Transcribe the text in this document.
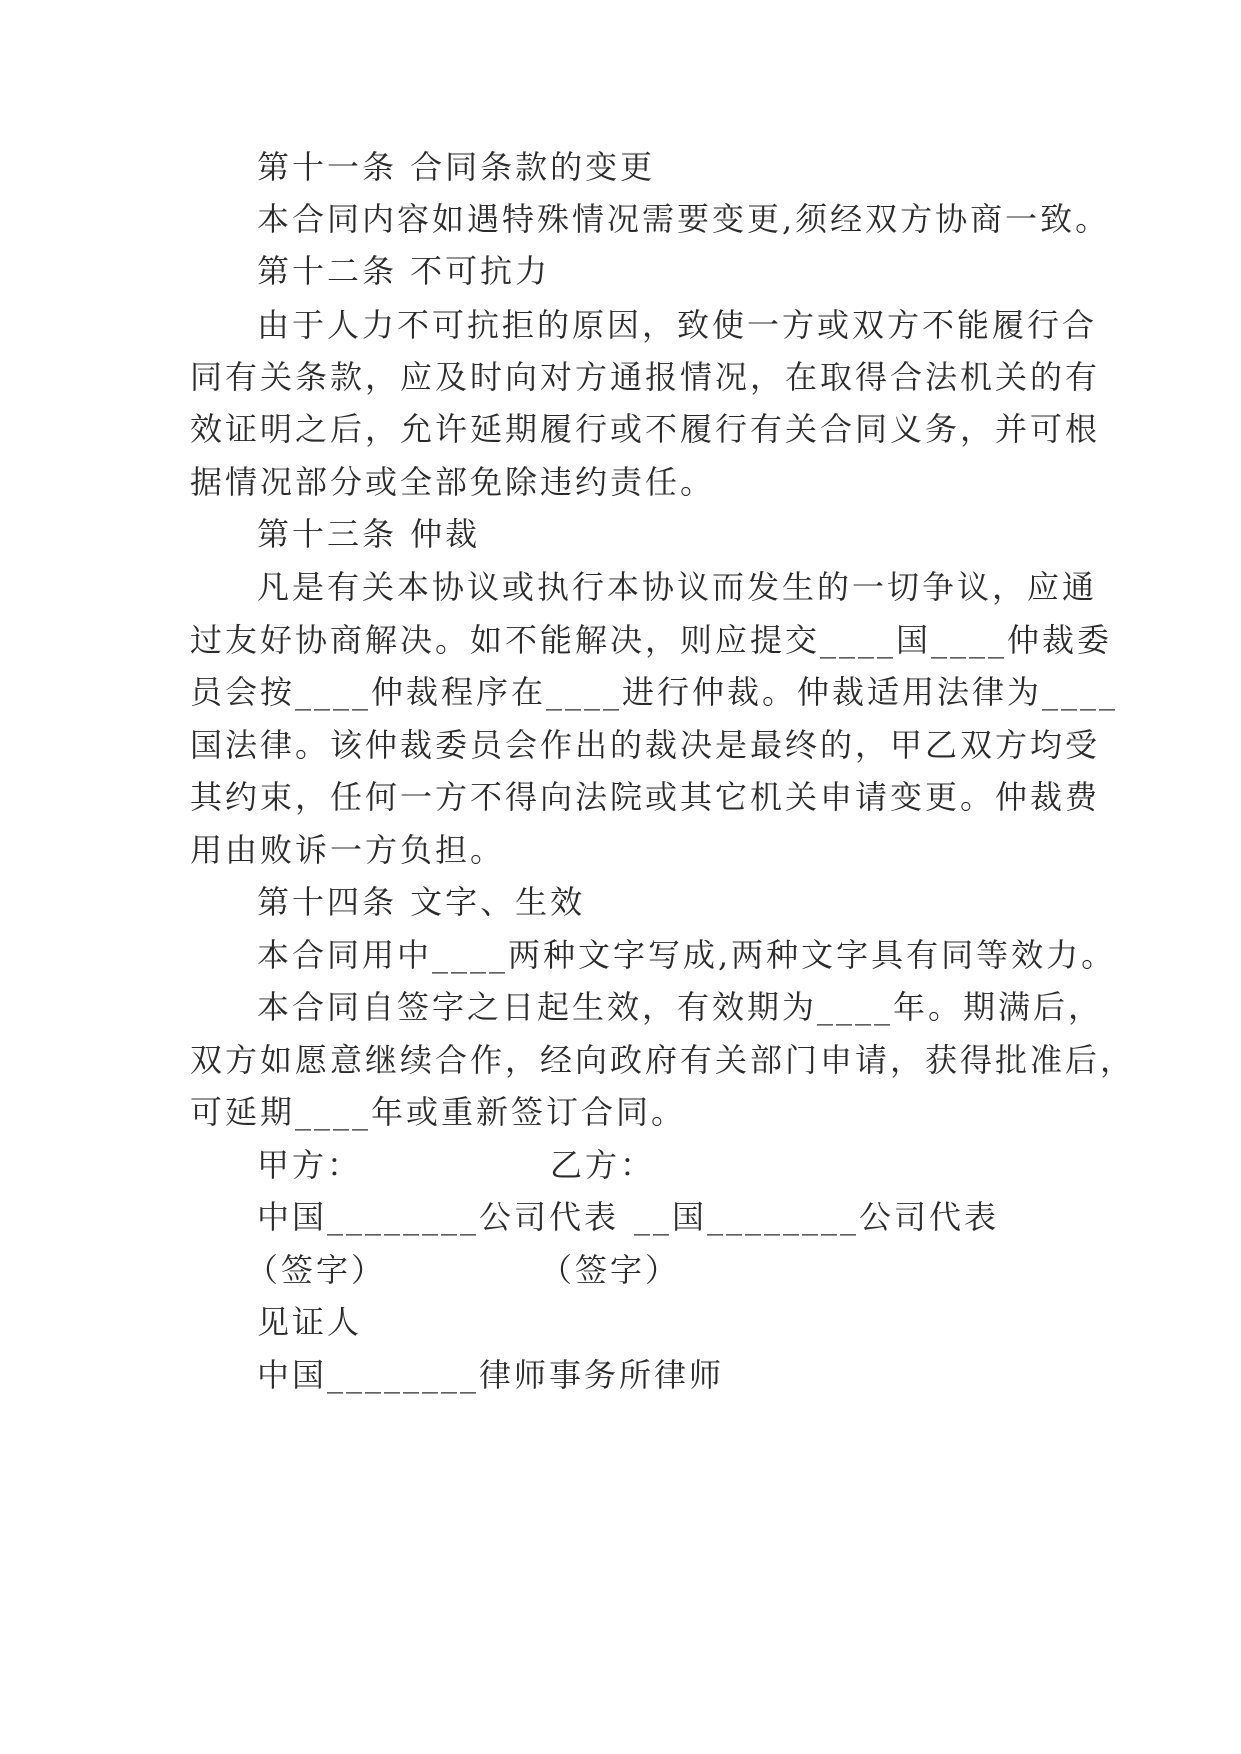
第十一条 合同条款的变更
本合同内容如遇特殊情况需要变更,须经双方协商一致。
第十二条 不可抗力
由于人力不可抗拒的原因，致使一方或双方不能履行合
同有关条款，应及时向对方通报情况，在取得合法机关的有
效证明之后，允许延期履行或不履行有关合同义务，并可根
据情况部分或全部免除违约责任。
第十三条 仲裁
凡是有关本协议或执行本协议而发生的一切争议，应通
过友好协商解决。如不能解决，则应提交____国____仲裁委
员会按____仲裁程序在____进行仲裁。仲裁适用法律为____
国法律。该仲裁委员会作出的裁决是最终的，甲乙双方均受
其约束，任何一方不得向法院或其它机关申请变更。仲裁费
用由败诉一方负担。
第十四条 文字、生效
本合同用中____两种文字写成,两种文字具有同等效力。
本合同自签字之日起生效，有效期为____年。期满后，
双方如愿意继续合作，经向政府有关部门申请，获得批准后，
可延期____年或重新签订合同。
甲方：	乙方：
中国________公司代表 __国________公司代表
（签字）	（签字）
见证人
中国________律师事务所律师
